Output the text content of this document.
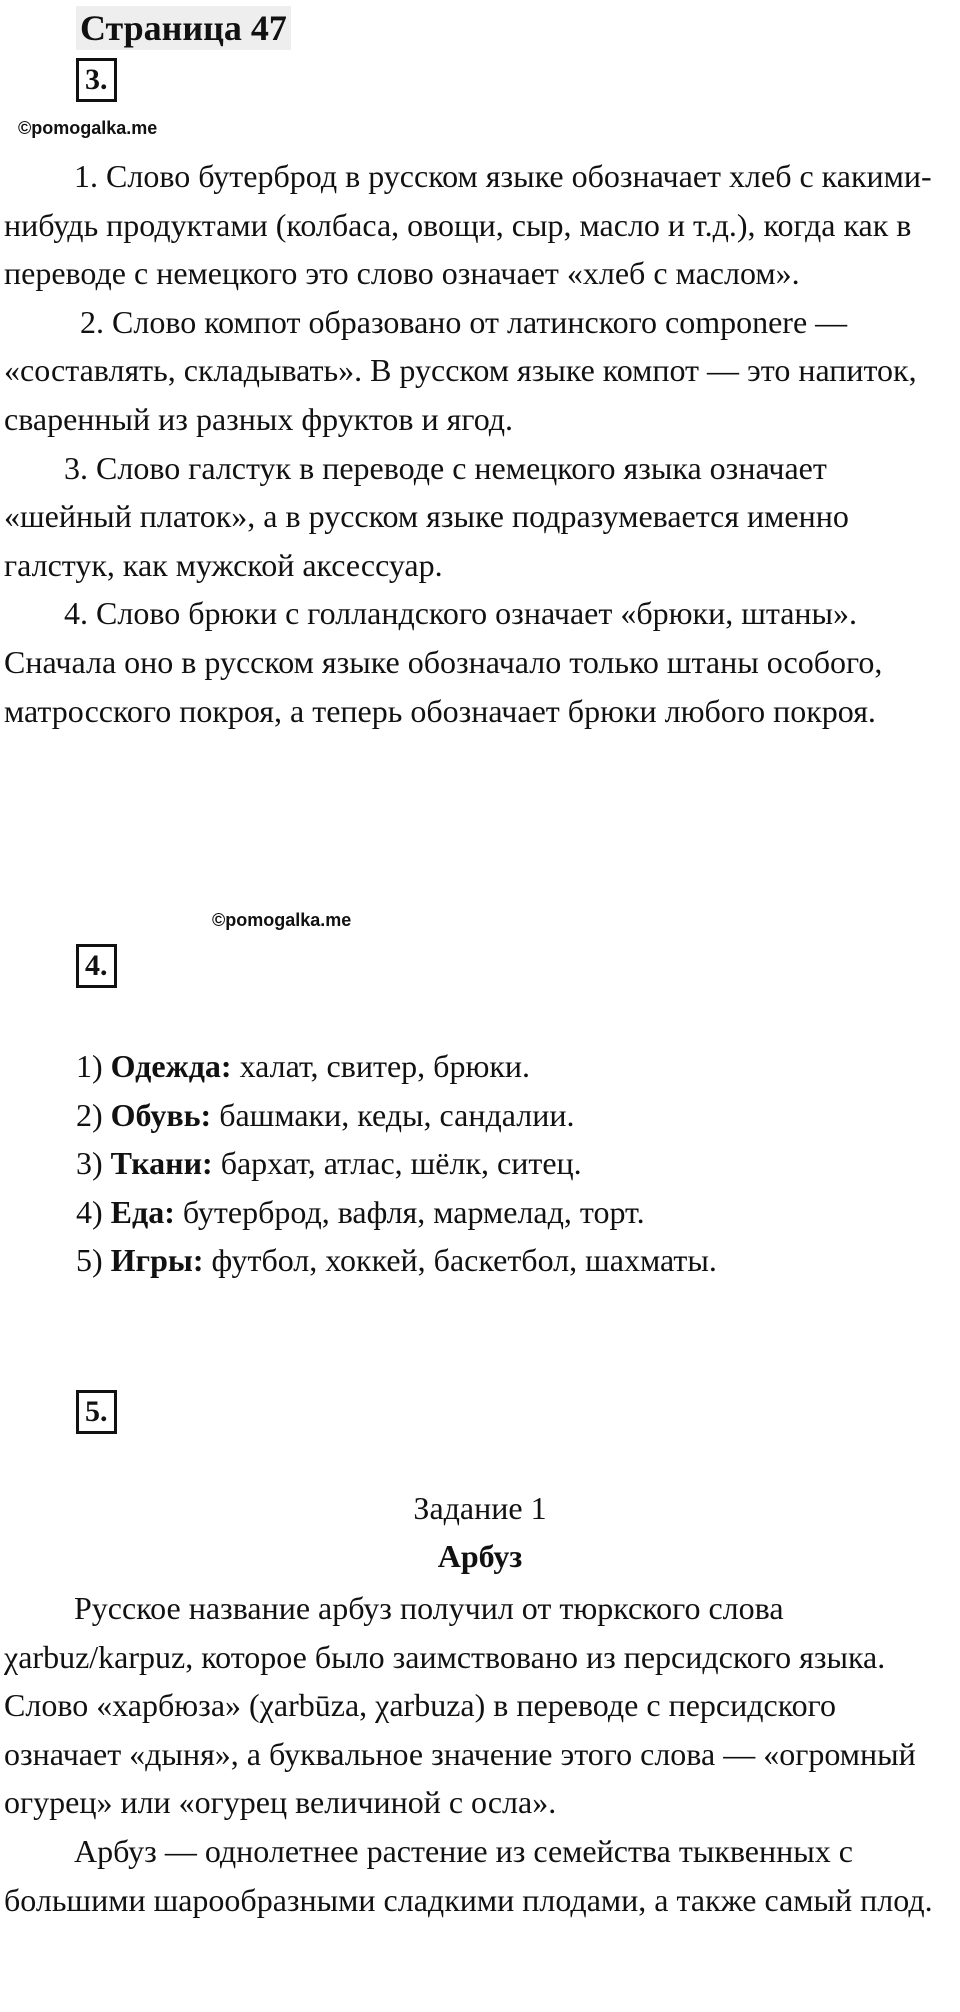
Страница 47
3.
©pomogalka.me

1. Слово бутерброд в русском языке обозначает хлеб с какими-нибудь продуктами (колбаса, овощи, сыр, масло и т.д.), когда как в переводе с немецкого это слово означает «хлеб с маслом».

2. Слово компот образовано от латинского componere — «составлять, складывать». В русском языке компот — это напиток, сваренный из разных фруктов и ягод.

3. Слово галстук в переводе с немецкого языка означает «шейный платок», а в русском языке подразумевается именно галстук, как мужской аксессуар.

4. Слово брюки с голландского означает «брюки, штаны». Сначала оно в русском языке обозначало только штаны особого, матросского покроя, а теперь обозначает брюки любого покроя.

©pomogalka.me
4.
1) Одежда: халат, свитер, брюки.
2) Обувь: башмаки, кеды, сандалии.
3) Ткани: бархат, атлас, шёлк, ситец.
4) Еда: бутерброд, вафля, мармелад, торт.
5) Игры: футбол, хоккей, баскетбол, шахматы.
5.
Задание 1
Арбуз

Русское название арбуз получил от тюркского слова χarbuz/karpuz, которое было заимствовано из персидского языка. Слово «харбюза» (χarbūza, χarbuza) в переводе с персидского означает «дыня», а буквальное значение этого слова — «огромный огурец» или «огурец величиной с осла».

Арбуз — однолетнее растение из семейства тыквенных с большими шарообразными сладкими плодами, а также самый плод.
